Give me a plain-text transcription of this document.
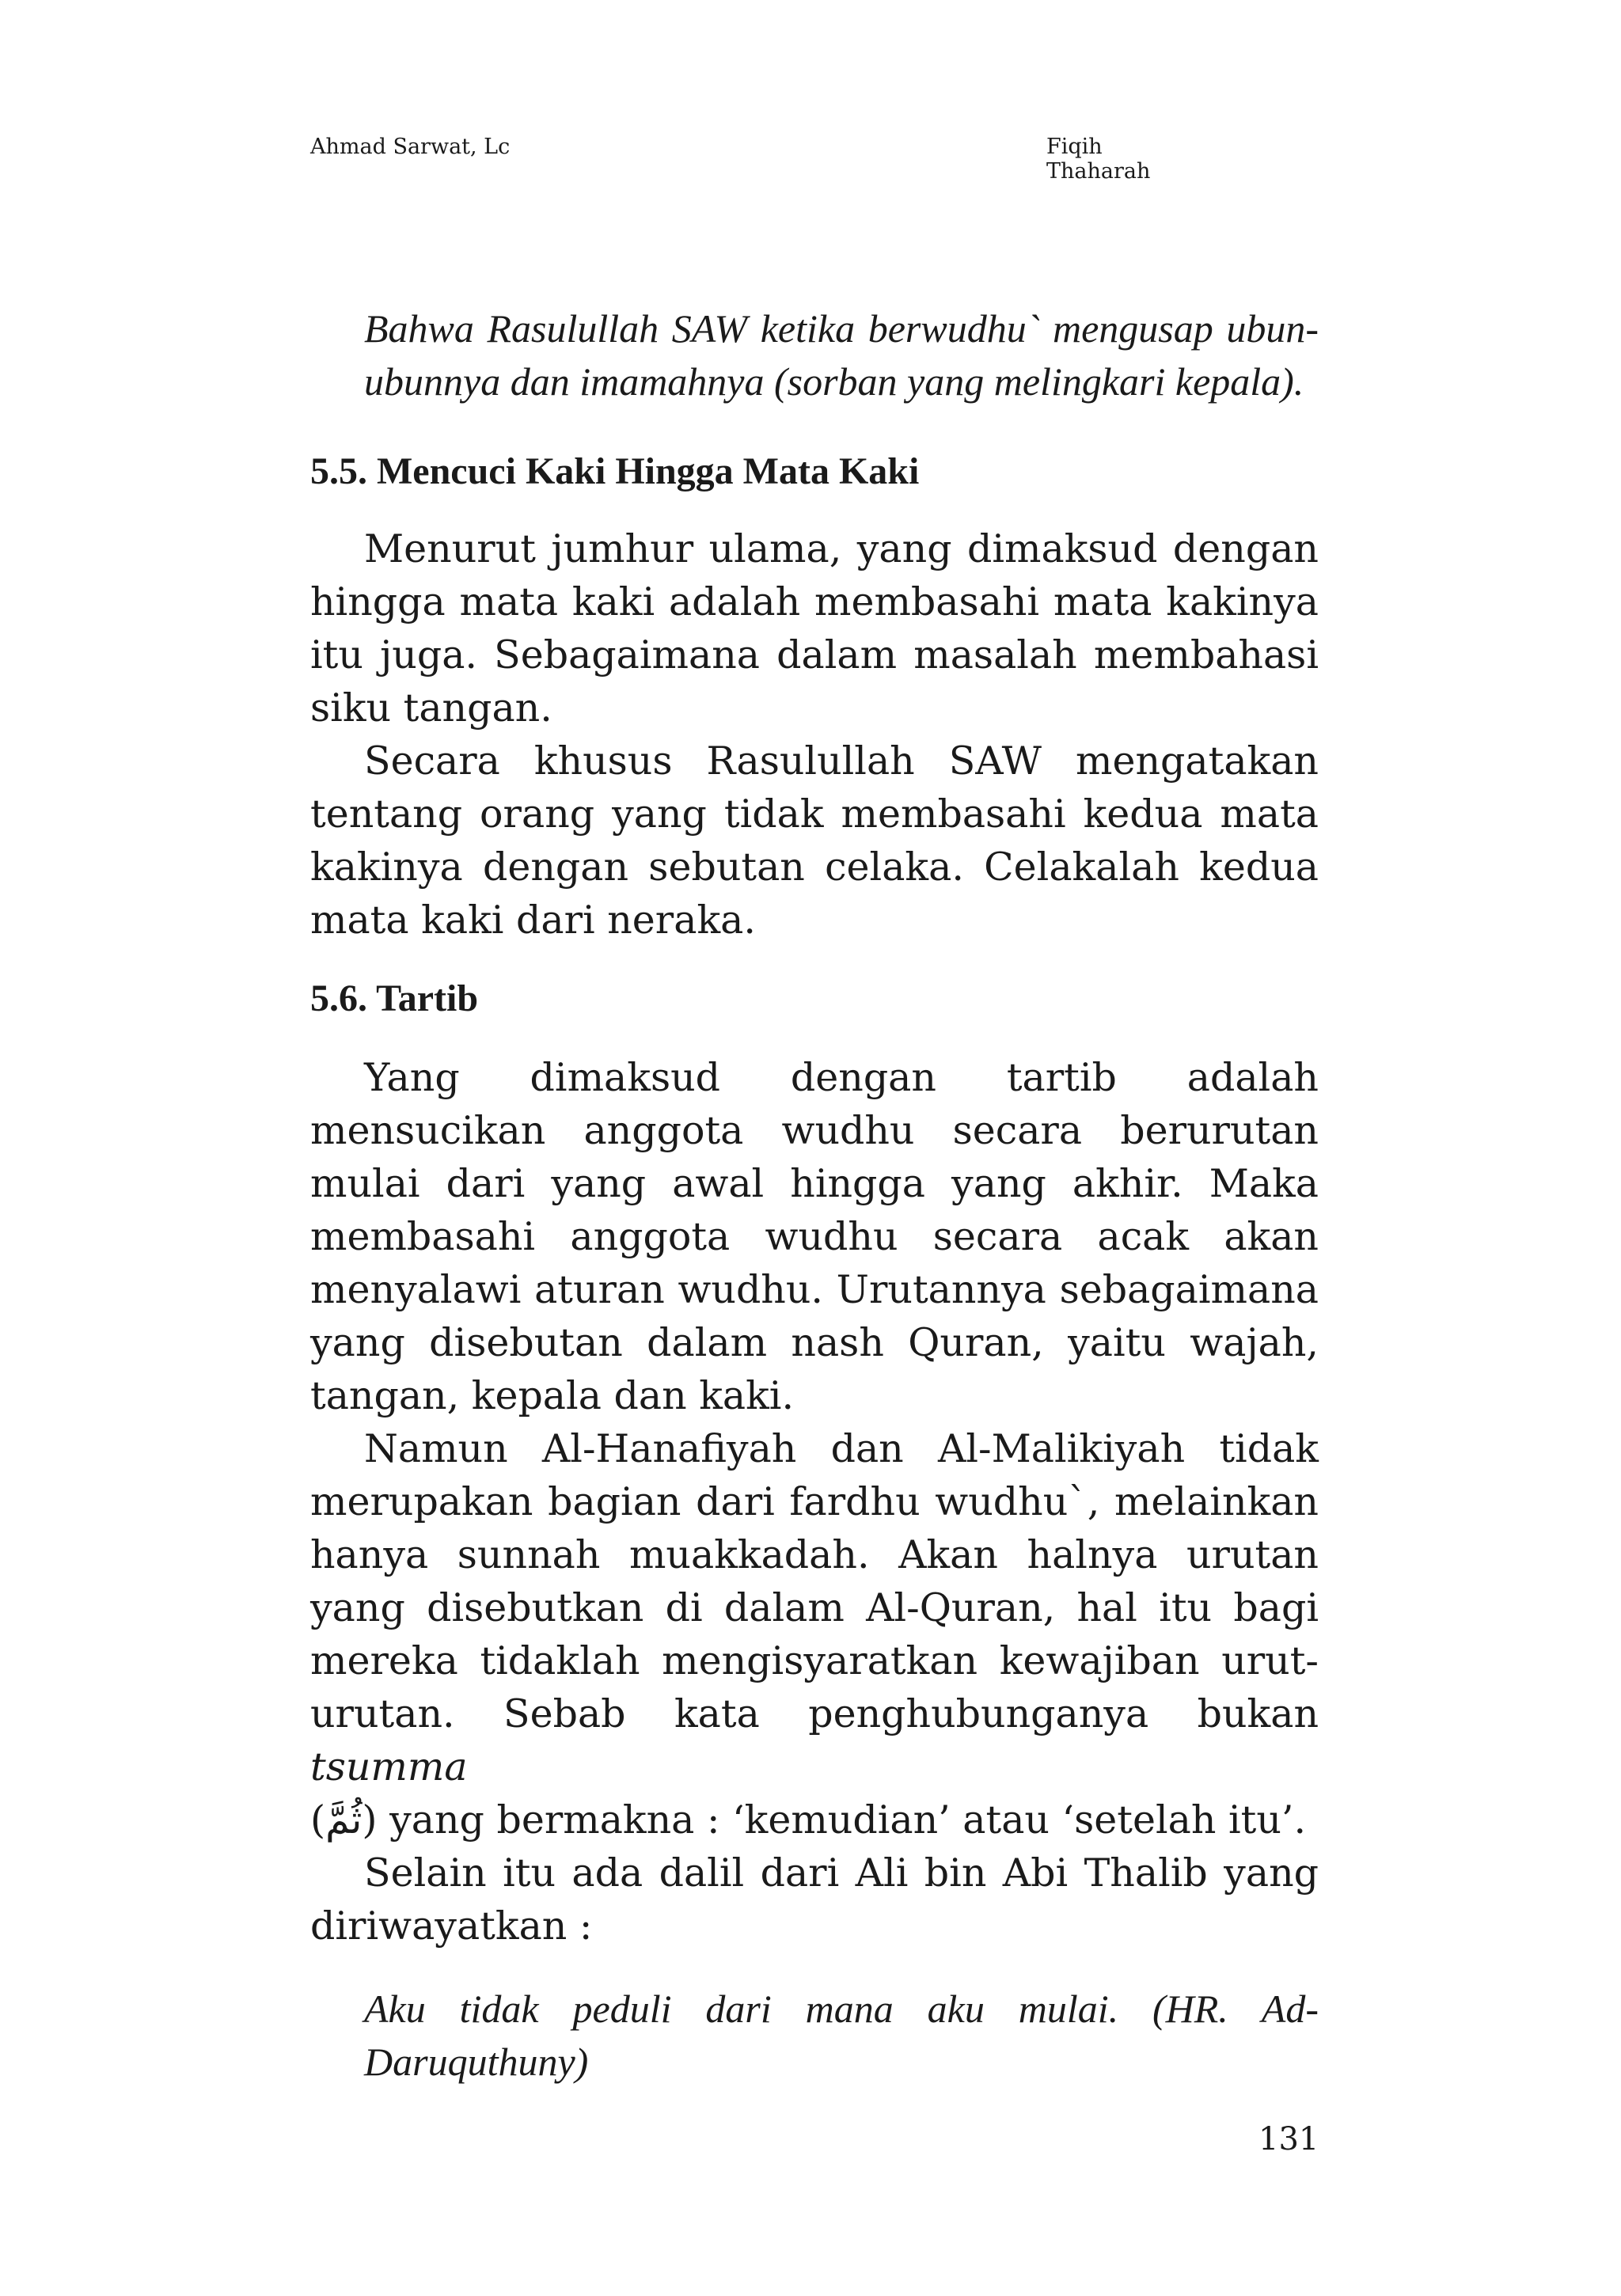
Ahmad Sarwat, Lc	Fiqih Thaharah

Bahwa Rasulullah SAW ketika berwudhu` mengusap ubun-ubunnya dan imamahnya (sorban yang melingkari kepala).

5.5. Mencuci Kaki Hingga Mata Kaki

Menurut jumhur ulama, yang dimaksud dengan hingga mata kaki adalah membasahi mata kakinya itu juga. Sebagaimana dalam masalah membahasi siku tangan.

Secara khusus Rasulullah SAW mengatakan tentang orang yang tidak membasahi kedua mata kakinya dengan sebutan celaka. Celakalah kedua mata kaki dari neraka.

5.6. Tartib

Yang dimaksud dengan tartib adalah mensucikan anggota wudhu secara berurutan mulai dari yang awal hingga yang akhir. Maka membasahi anggota wudhu secara acak akan menyalawi aturan wudhu. Urutannya sebagaimana yang disebutan dalam nash Quran, yaitu wajah, tangan, kepala dan kaki.

Namun Al-Hanafiyah dan Al-Malikiyah tidak merupakan bagian dari fardhu wudhu`, melainkan hanya sunnah muakkadah. Akan halnya urutan yang disebutkan di dalam Al-Quran, hal itu bagi mereka tidaklah mengisyaratkan kewajiban urut-urutan. Sebab kata penghubunganya bukan tsumma
(ثُمَّ) yang bermakna : ‘kemudian’ atau ‘setelah itu’.

Selain itu ada dalil dari Ali bin Abi Thalib yang diriwayatkan :

Aku tidak peduli dari mana aku mulai. (HR. Ad-Daruquthuny)

131
